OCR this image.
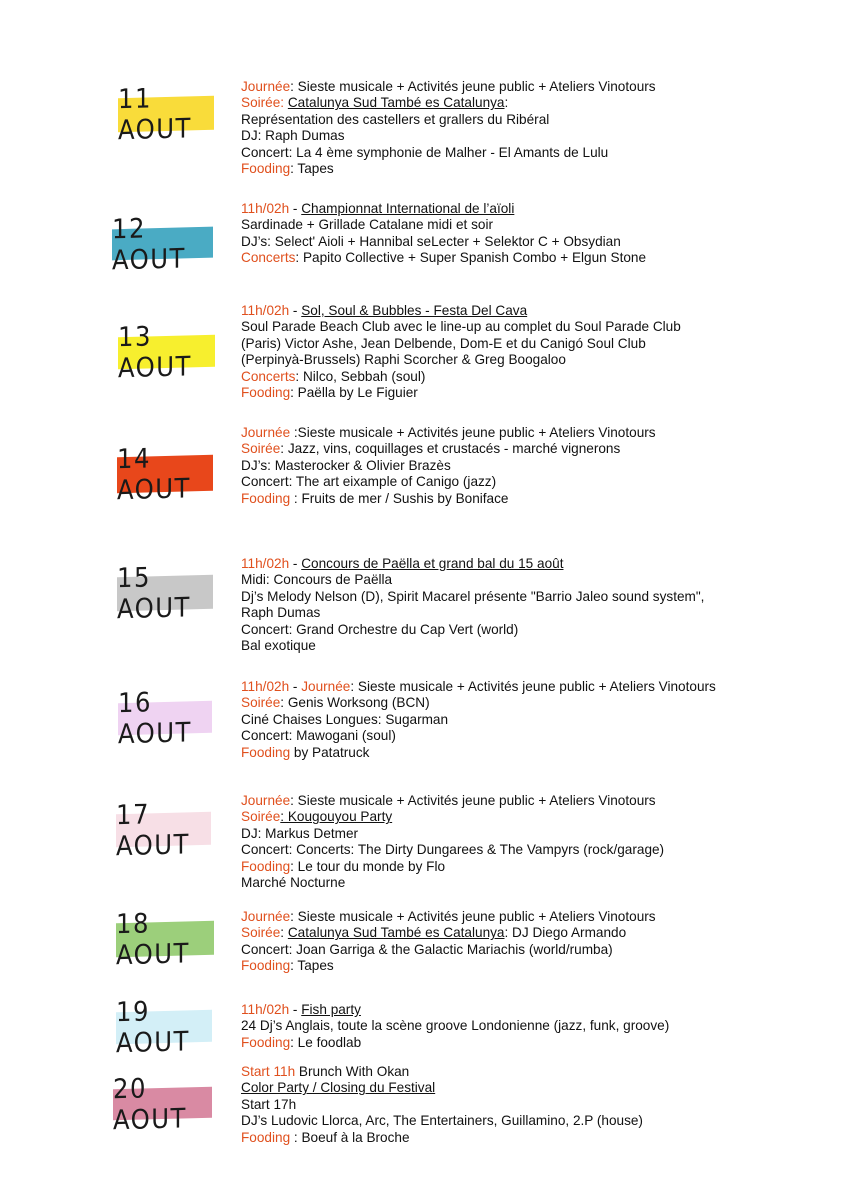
11 AOUT
Journée: Sieste musicale + Activités jeune public + Ateliers Vinotours
Soirée: Catalunya Sud També es Catalunya:
Représentation des castellers et grallers du Ribéral
DJ: Raph Dumas
Concert: La 4 ème symphonie de Malher - El Amants de Lulu
Fooding: Tapes
12 AOUT
11h/02h - Championnat International de l’aïoli
Sardinade + Grillade Catalane midi et soir
DJ’s: Select' Aioli + Hannibal seLecter + Selektor C + Obsydian
Concerts: Papito Collective + Super Spanish Combo + Elgun Stone
13 AOUT
11h/02h - Sol, Soul & Bubbles - Festa Del Cava
Soul Parade Beach Club avec le line-up au complet du Soul Parade Club
(Paris) Victor Ashe, Jean Delbende, Dom-E et du Canigó Soul Club
(Perpinyà-Brussels) Raphi Scorcher & Greg Boogaloo
Concerts: Nilco, Sebbah (soul)
Fooding: Paëlla by Le Figuier
14 AOUT
Journée :Sieste musicale + Activités jeune public + Ateliers Vinotours
Soirée: Jazz, vins, coquillages et crustacés - marché vignerons
DJ’s: Masterocker & Olivier Brazès
Concert: The art eixample of Canigo (jazz)
Fooding : Fruits de mer / Sushis by Boniface
15 AOUT
11h/02h - Concours de Paëlla et grand bal du 15 août
Midi: Concours de Paëlla
Dj’s Melody Nelson (D), Spirit Macarel présente "Barrio Jaleo sound system",
Raph Dumas
Concert: Grand Orchestre du Cap Vert (world)
Bal exotique
16 AOUT
11h/02h - Journée: Sieste musicale + Activités jeune public + Ateliers Vinotours
Soirée: Genis Worksong (BCN)
Ciné Chaises Longues: Sugarman
Concert: Mawogani (soul)
Fooding by Patatruck
17 AOUT
Journée: Sieste musicale + Activités jeune public + Ateliers Vinotours
Soirée: Kougouyou Party
DJ: Markus Detmer
Concert: Concerts: The Dirty Dungarees & The Vampyrs (rock/garage)
Fooding: Le tour du monde by Flo
Marché Nocturne
18 AOUT
Journée: Sieste musicale + Activités jeune public + Ateliers Vinotours
Soirée: Catalunya Sud També es Catalunya: DJ Diego Armando
Concert: Joan Garriga & the Galactic Mariachis (world/rumba)
Fooding: Tapes
19 AOUT
11h/02h - Fish party
24 Dj’s Anglais, toute la scène groove Londonienne (jazz, funk, groove)
Fooding: Le foodlab
20 AOUT
Start 11h Brunch With Okan
Color Party / Closing du Festival
Start 17h
DJ’s Ludovic Llorca, Arc, The Entertainers, Guillamino, 2.P (house)
Fooding : Boeuf à la Broche
